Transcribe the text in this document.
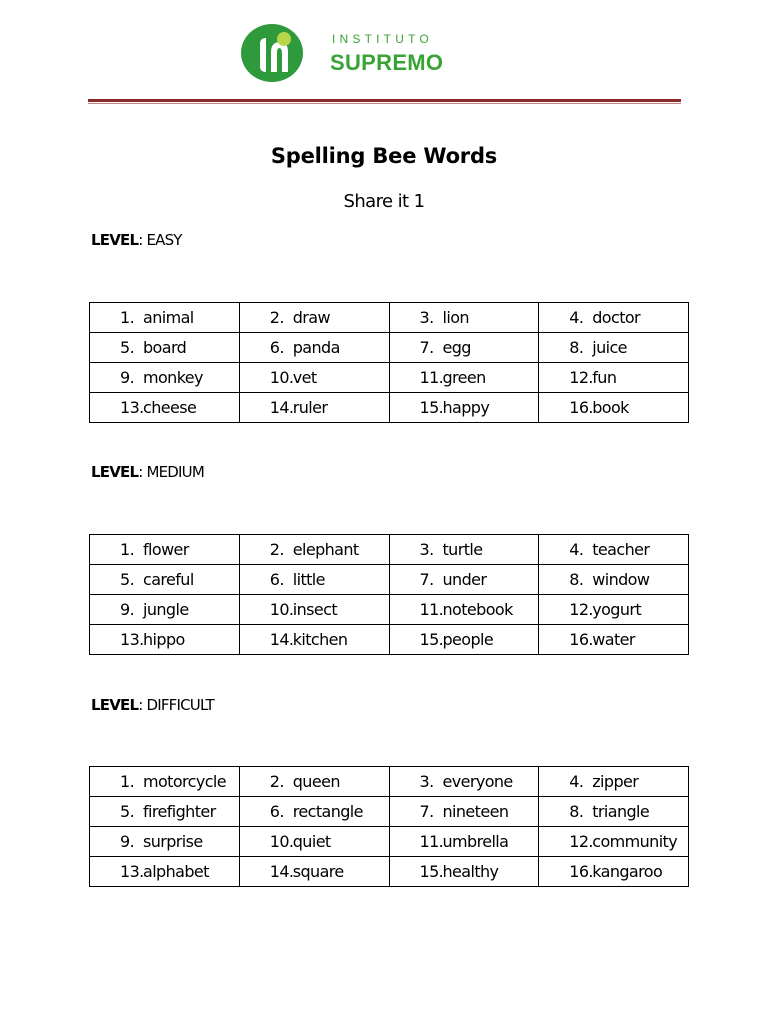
INSTITUTO
SUPREMO
Spelling Bee Words
Share it 1
LEVEL: EASY
1. animal	2. draw	3. lion	4. doctor
5. board	6. panda	7. egg	8. juice
9. monkey	10.vet	11.green	12.fun
13.cheese	14.ruler	15.happy	16.book
LEVEL: MEDIUM
1. flower	2. elephant	3. turtle	4. teacher
5. careful	6. little	7. under	8. window
9. jungle	10.insect	11.notebook	12.yogurt
13.hippo	14.kitchen	15.people	16.water
LEVEL: DIFFICULT
1. motorcycle	2. queen	3. everyone	4. zipper
5. firefighter	6. rectangle	7. nineteen	8. triangle
9. surprise	10.quiet	11.umbrella	12.community
13.alphabet	14.square	15.healthy	16.kangaroo
